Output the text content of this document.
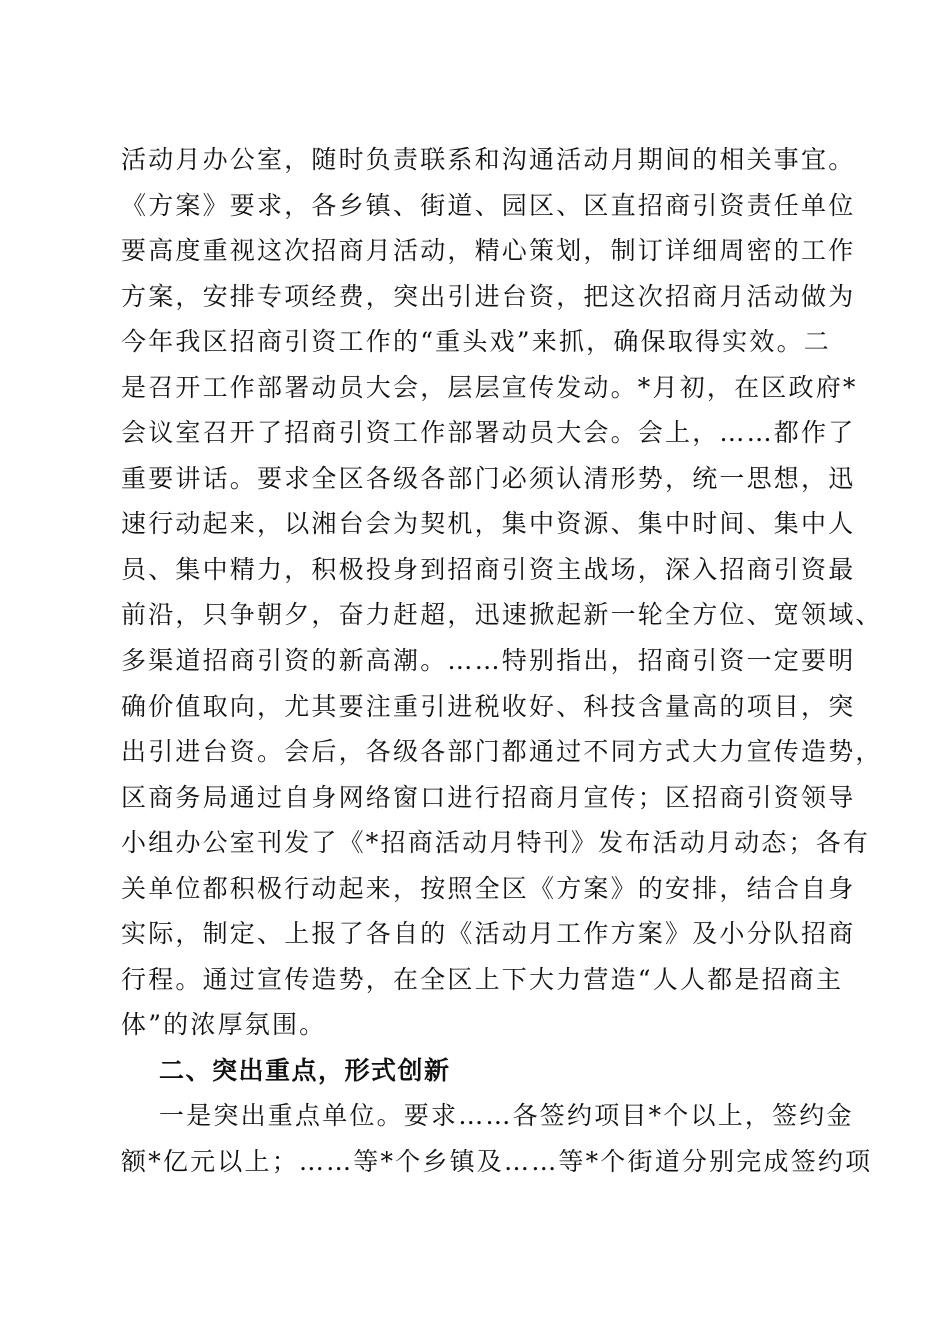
活动月办公室，随时负责联系和沟通活动月期间的相关事宜。
《方案》要求，各乡镇、街道、园区、区直招商引资责任单位
要高度重视这次招商月活动，精心策划，制订详细周密的工作
方案，安排专项经费，突出引进台资，把这次招商月活动做为
今年我区招商引资工作的“重头戏”来抓，确保取得实效。二
是召开工作部署动员大会，层层宣传发动。*月初，在区政府*
会议室召开了招商引资工作部署动员大会。会上，……都作了
重要讲话。要求全区各级各部门必须认清形势，统一思想，迅
速行动起来，以湘台会为契机，集中资源、集中时间、集中人
员、集中精力，积极投身到招商引资主战场，深入招商引资最
前沿，只争朝夕，奋力赶超，迅速掀起新一轮全方位、宽领域、
多渠道招商引资的新高潮。……特别指出，招商引资一定要明
确价值取向，尤其要注重引进税收好、科技含量高的项目，突
出引进台资。会后，各级各部门都通过不同方式大力宣传造势，
区商务局通过自身网络窗口进行招商月宣传；区招商引资领导
小组办公室刊发了《*招商活动月特刊》发布活动月动态；各有
关单位都积极行动起来，按照全区《方案》的安排，结合自身
实际，制定、上报了各自的《活动月工作方案》及小分队招商
行程。通过宣传造势，在全区上下大力营造“人人都是招商主
体”的浓厚氛围。
二、突出重点，形式创新
一是突出重点单位。要求……各签约项目*个以上，签约金
额*亿元以上；……等*个乡镇及……等*个街道分别完成签约项
